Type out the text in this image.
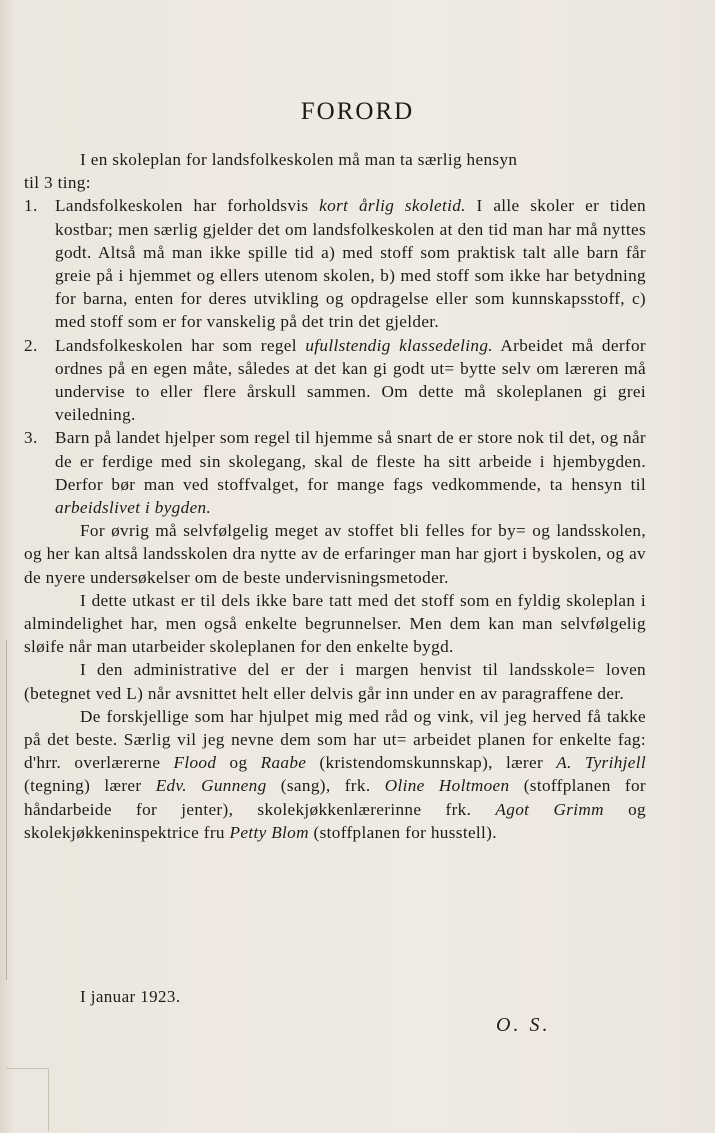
FORORD

I en skoleplan for landsfolkeskolen må man ta særlig hensyn

til 3 ting:

1. Landsfolkeskolen har forholdsvis kort årlig skoletid. I alle skoler er tiden kostbar; men særlig gjelder det om landsfolkeskolen at den tid man har må nyttes godt. Altså må man ikke spille tid a) med stoff som praktisk talt alle barn får greie på i hjemmet og ellers utenom skolen, b) med stoff som ikke har betydning for barna, enten for deres utvikling og opdragelse eller som kunnskapsstoff, c) med stoff som er for vanskelig på det trin det gjelder.
2. Landsfolkeskolen har som regel ufullstendig klassedeling. Arbeidet må derfor ordnes på en egen måte, således at det kan gi godt ut= bytte selv om læreren må undervise to eller flere årskull sammen. Om dette må skoleplanen gi grei veiledning.
3. Barn på landet hjelper som regel til hjemme så snart de er store nok til det, og når de er ferdige med sin skolegang, skal de fleste ha sitt arbeide i hjembygden. Derfor bør man ved stoffvalget, for mange fags vedkommende, ta hensyn til arbeidslivet i bygden.

For øvrig må selvfølgelig meget av stoffet bli felles for by= og landsskolen, og her kan altså landsskolen dra nytte av de erfaringer man har gjort i byskolen, og av de nyere undersøkelser om de beste undervisningsmetoder.

I dette utkast er til dels ikke bare tatt med det stoff som en fyldig skoleplan i almindelighet har, men også enkelte begrunnelser. Men dem kan man selvfølgelig sløife når man utarbeider skoleplanen for den enkelte bygd.

I den administrative del er der i margen henvist til landsskole= loven (betegnet ved L) når avsnittet helt eller delvis går inn under en av paragraffene der.

De forskjellige som har hjulpet mig med råd og vink, vil jeg herved få takke på det beste. Særlig vil jeg nevne dem som har ut= arbeidet planen for enkelte fag: d'hrr. overlærerne Flood og Raabe (kristendomskunnskap), lærer A. Tyrihjell (tegning) lærer Edv. Gunneng (sang), frk. Oline Holtmoen (stoffplanen for håndarbeide for jenter), skolekjøkkenlærerinne frk. Agot Grimm og skolekjøkkeninspektrice fru Petty Blom (stoffplanen for husstell).

I januar 1923.
O. S.
